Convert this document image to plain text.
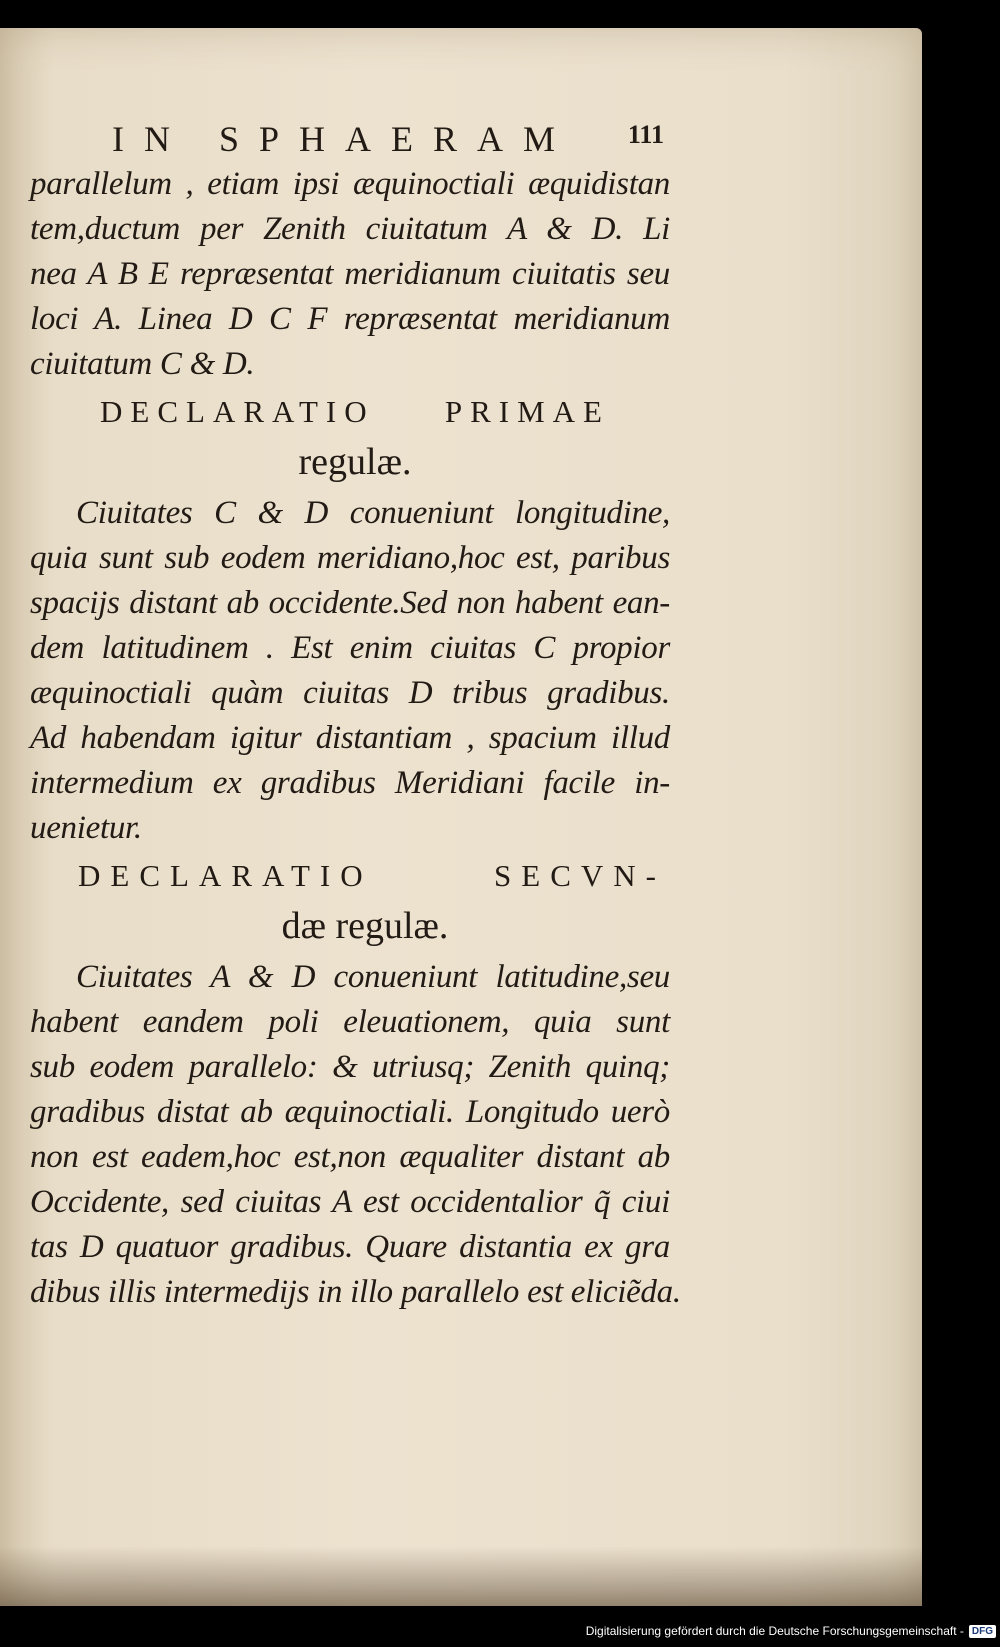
IN SPHAERAM 111
parallelum , etiam ipsi æquinoctiali æquidistan
tem,ductum per Zenith ciuitatum A & D. Li
nea A B E repræsentat meridianum ciuitatis seu
loci A. Linea D C F repræsentat meridianum
ciuitatum C & D.
DECLARATIO PRIMAE
regulæ.
Ciuitates C & D conueniunt longitudine,
quia sunt sub eodem meridiano,hoc est, paribus
spacijs distant ab occidente.Sed non habent ean-
dem latitudinem . Est enim ciuitas C propior
æquinoctiali quàm ciuitas D tribus gradibus.
Ad habendam igitur distantiam , spacium illud
intermedium ex gradibus Meridiani facile in-
uenietur.
DECLARATIO SECVN-
dæ regulæ.
Ciuitates A & D conueniunt latitudine,seu
habent eandem poli eleuationem, quia sunt
sub eodem parallelo: & utriusq; Zenith quinq;
gradibus distat ab æquinoctiali. Longitudo uerò
non est eadem,hoc est,non æqualiter distant ab
Occidente, sed ciuitas A est occidentalior q̃ ciui
tas D quatuor gradibus. Quare distantia ex gra
dibus illis intermedijs in illo parallelo est eliciẽda.
Digitalisierung gefördert durch die Deutsche Forschungsgemeinschaft - DFG
